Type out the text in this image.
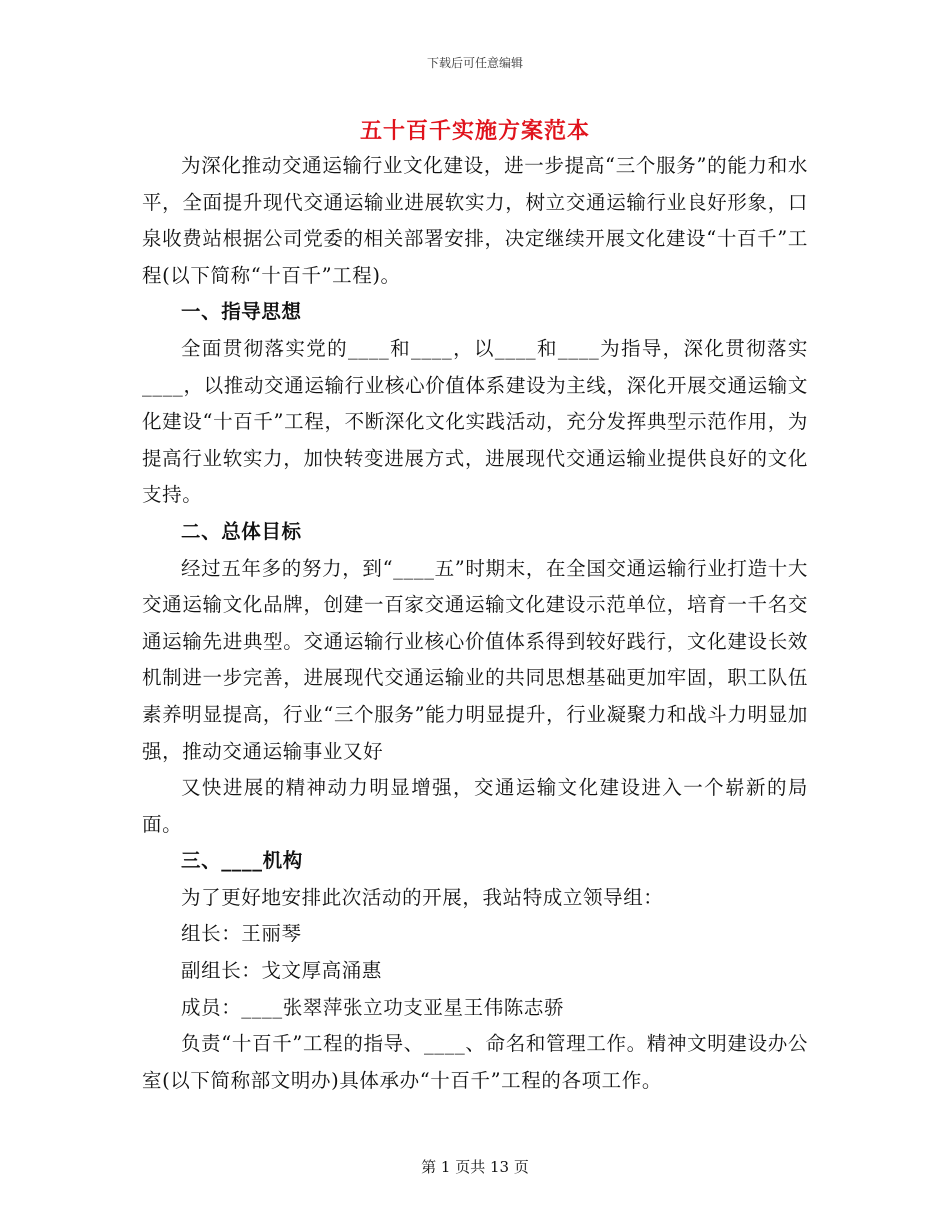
下载后可任意编辑
五十百千实施方案范本

为深化推动交通运输行业文化建设，进一步提高“三个服务”的能力和水平，全面提升现代交通运输业进展软实力，树立交通运输行业良好形象，口泉收费站根据公司党委的相关部署安排，决定继续开展文化建设“十百千”工程(以下简称“十百千”工程)。

一、指导思想

全面贯彻落实党的____和____，以____和____为指导，深化贯彻落实____，以推动交通运输行业核心价值体系建设为主线，深化开展交通运输文化建设“十百千”工程，不断深化文化实践活动，充分发挥典型示范作用，为提高行业软实力，加快转变进展方式，进展现代交通运输业提供良好的文化支持。

二、总体目标

经过五年多的努力，到“____五”时期末，在全国交通运输行业打造十大交通运输文化品牌，创建一百家交通运输文化建设示范单位，培育一千名交通运输先进典型。交通运输行业核心价值体系得到较好践行，文化建设长效机制进一步完善，进展现代交通运输业的共同思想基础更加牢固，职工队伍素养明显提高，行业“三个服务”能力明显提升，行业凝聚力和战斗力明显加强，推动交通运输事业又好

又快进展的精神动力明显增强，交通运输文化建设进入一个崭新的局面。

三、____机构

为了更好地安排此次活动的开展，我站特成立领导组：

组长：王丽琴

副组长：戈文厚高涌惠

成员：____张翠萍张立功支亚星王伟陈志骄

负责“十百千”工程的指导、____、命名和管理工作。精神文明建设办公室(以下简称部文明办)具体承办“十百千”工程的各项工作。

第 1 页共 13 页
